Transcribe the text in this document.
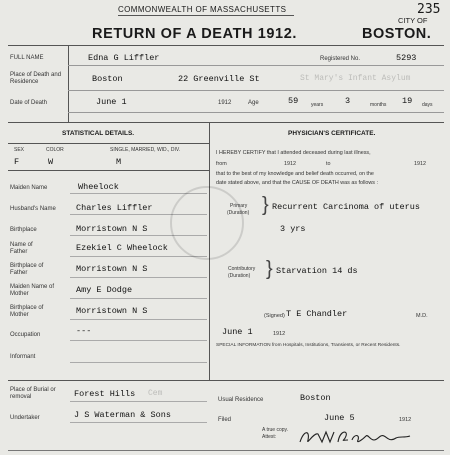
235
COMMONWEALTH OF MASSACHUSETTS
RETURN OF A DEATH 1912.
CITY OF
BOSTON.
FULL NAME	Edna G Liffler	Registered No.	5293
Place of Death and Residence	Boston	22 Greenville St	St Mary's Infant Asylum
Date of Death	June 1	1912	Age	59	years	3	months 19 days
STATISTICAL DETAILS.	PHYSICIAN'S CERTIFICATE.
SEX	COLOR	SINGLE, MARRIED, WID., DIV.
F	W	M
Maiden Name	Wheelock
Husband's Name Charles Liffler
Birthplace	Morristown N S
Name of Father	Ezekiel C Wheelock
Birthplace of Father	Morristown N S
Maiden Name of Mother	Amy E Dodge
Birthplace of Mother	Morristown N S
Occupation	---
Informant
I HEREBY CERTIFY that I attended deceased during last illness,
from	1912	to	1912
that to the best of my knowledge and belief death occurred, on the
date stated above, and that the CAUSE OF DEATH was as follows :
Primary
(Duration) } Recurrent Carcinoma of uterus
3 yrs
Contributory
(Duration) } Starvation 14 ds
(Signed) T E Chandler	M.D.
June 1	1912
SPECIAL INFORMATION from Hospitals, Institutions, Transients, or Recent Residents.
Place of Burial or removal	Forest Hills Cem
Undertaker	J S Waterman & Sons
Usual Residence	Boston
Filed	June 5	1912
A true copy.
Attest:
